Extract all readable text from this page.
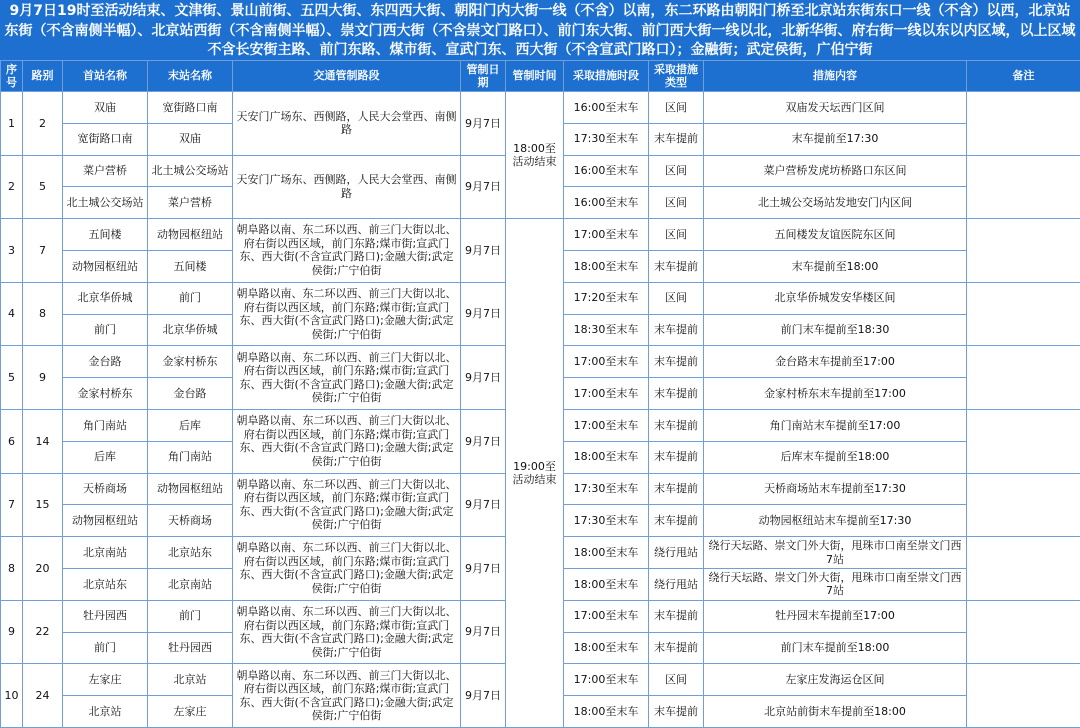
9月7日19时至活动结束、文津街、景山前街、五四大街、东四西大街、朝阳门内大街一线（不含）以南，东二环路由朝阳门桥至北京站东街东口一线（不含）以西，北京站东街（不含南侧半幅）、北京站西街（不含南侧半幅）、崇文门西大街（不含崇文门路口）、前门东大街、前门西大街一线以北，北新华街、府右街一线以东以内区域，以上区域不含长安街主路、前门东路、煤市街、宣武门东、西大街（不含宣武门路口）；金融街；武定侯街，广伯宁街
序号	路别	首站名称	末站名称	交通管制路段	管制日期	管制时间	采取措施时段	采取措施类型	措施内容	备注
1	2	双庙	宽街路口南	天安门广场东、西侧路，人民大会堂西、南侧路	9月7日	18:00至活动结束	16:00至末车	区间	双庙发天坛西门区间	
		宽街路口南	双庙				17:30至末车	末车提前	末车提前至17:30	
2	5	菜户营桥	北土城公交场站	天安门广场东、西侧路，人民大会堂西、南侧路	9月7日		16:00至末车	区间	菜户营桥发虎坊桥路口东区间	
		北土城公交场站	菜户营桥				16:00至末车	区间	北土城公交场站发地安门内区间	
3	7	五间楼	动物园枢纽站	朝阜路以南、东二环以西、前三门大街以北、府右街以西区域，前门东路;煤市街;宣武门东、西大街(不含宣武门路口);金融大街;武定侯街;广宁伯街	9月7日	19:00至活动结束	17:00至末车	区间	五间楼发友谊医院东区间	
		动物园枢纽站	五间楼				18:00至末车	末车提前	末车提前至18:00	
4	8	北京华侨城	前门	朝阜路以南、东二环以西、前三门大街以北、府右街以西区域，前门东路;煤市街;宣武门东、西大街(不含宣武门路口);金融大街;武定侯街;广宁伯街	9月7日		17:20至末车	区间	北京华侨城发安华楼区间	
		前门	北京华侨城				18:30至末车	末车提前	前门末车提前至18:30	
5	9	金台路	金家村桥东	朝阜路以南、东二环以西、前三门大街以北、府右街以西区域，前门东路;煤市街;宣武门东、西大街(不含宣武门路口);金融大街;武定侯街;广宁伯街	9月7日		17:00至末车	末车提前	金台路末车提前至17:00	
		金家村桥东	金台路				17:00至末车	末车提前	金家村桥东末车提前至17:00	
6	14	角门南站	后库	朝阜路以南、东二环以西、前三门大街以北、府右街以西区域，前门东路;煤市街;宣武门东、西大街(不含宣武门路口);金融大街;武定侯街;广宁伯街	9月7日		17:00至末车	末车提前	角门南站末车提前至17:00	
		后库	角门南站				18:00至末车	末车提前	后库末车提前至18:00	
7	15	天桥商场	动物园枢纽站	朝阜路以南、东二环以西、前三门大街以北、府右街以西区域，前门东路;煤市街;宣武门东、西大街(不含宣武门路口);金融大街;武定侯街;广宁伯街	9月7日		17:30至末车	末车提前	天桥商场站末车提前至17:30	
		动物园枢纽站	天桥商场				17:30至末车	末车提前	动物园枢纽站末车提前至17:30	
8	20	北京南站	北京站东	朝阜路以南、东二环以西、前三门大街以北、府右街以西区域，前门东路;煤市街;宣武门东、西大街(不含宣武门路口);金融大街;武定侯街;广宁伯街	9月7日		18:00至末车	绕行甩站	绕行天坛路、崇文门外大街，甩珠市口南至崇文门西7站	
		北京站东	北京南站				18:00至末车	绕行甩站	绕行天坛路、崇文门外大街，甩珠市口南至崇文门西7站	
9	22	牡丹园西	前门	朝阜路以南、东二环以西、前三门大街以北、府右街以西区域，前门东路;煤市街;宣武门东、西大街(不含宣武门路口);金融大街;武定侯街;广宁伯街	9月7日		17:00至末车	末车提前	牡丹园末车提前至17:00	
		前门	牡丹园西				18:00至末车	末车提前	前门末车提前至18:00	
10	24	左家庄	北京站	朝阜路以南、东二环以西、前三门大街以北、府右街以西区域，前门东路;煤市街;宣武门东、西大街(不含宣武门路口);金融大街;武定侯街;广宁伯街	9月7日		17:00至末车	区间	左家庄发海运仓区间	
		北京站	左家庄				18:00至末车	末车提前	北京站前街末车提前至18:00	
